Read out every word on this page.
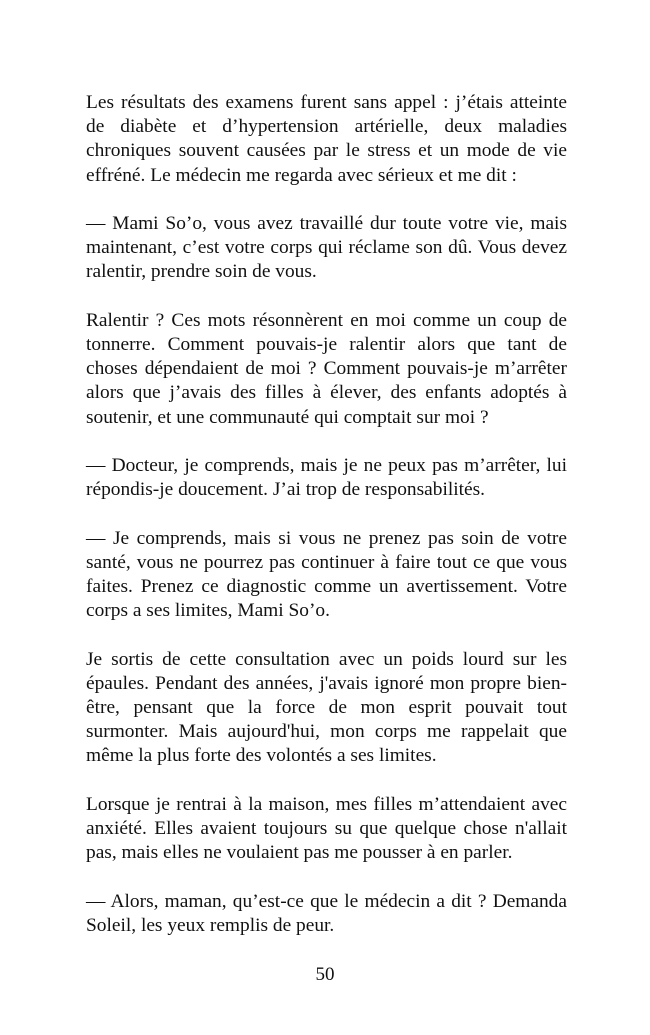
Les résultats des examens furent sans appel : j’étais atteinte de diabète et d’hypertension artérielle, deux maladies chroniques souvent causées par le stress et un mode de vie effréné. Le médecin me regarda avec sérieux et me dit :

— Mami So’o, vous avez travaillé dur toute votre vie, mais maintenant, c’est votre corps qui réclame son dû. Vous devez ralentir, prendre soin de vous.

Ralentir ? Ces mots résonnèrent en moi comme un coup de tonnerre. Comment pouvais-je ralentir alors que tant de choses dépendaient de moi ? Comment pouvais-je m’arrêter alors que j’avais des filles à élever, des enfants adoptés à soutenir, et une communauté qui comptait sur moi ?

— Docteur, je comprends, mais je ne peux pas m’arrêter, lui répondis-je doucement. J’ai trop de responsabilités.

— Je comprends, mais si vous ne prenez pas soin de votre santé, vous ne pourrez pas continuer à faire tout ce que vous faites. Prenez ce diagnostic comme un avertissement. Votre corps a ses limites, Mami So’o.

Je sortis de cette consultation avec un poids lourd sur les épaules. Pendant des années, j'avais ignoré mon propre bien-être, pensant que la force de mon esprit pouvait tout surmonter. Mais aujourd'hui, mon corps me rappelait que même la plus forte des volontés a ses limites.

Lorsque je rentrai à la maison, mes filles m’attendaient avec anxiété. Elles avaient toujours su que quelque chose n'allait pas, mais elles ne voulaient pas me pousser à en parler.

— Alors, maman, qu’est-ce que le médecin a dit ? Demanda Soleil, les yeux remplis de peur.

50
